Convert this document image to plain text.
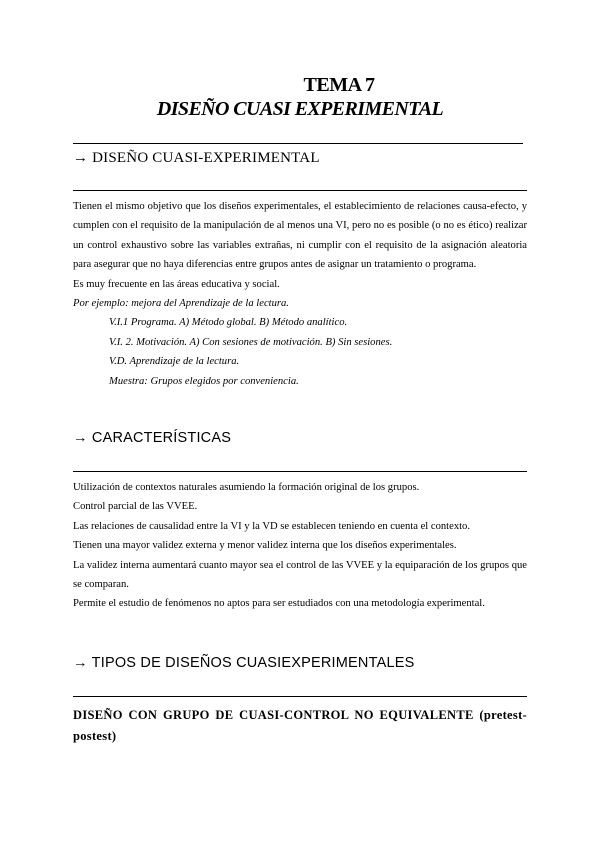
TEMA 7
DISEÑO CUASI EXPERIMENTAL
→ DISEÑO CUASI-EXPERIMENTAL

Tienen el mismo objetivo que los diseños experimentales, el establecimiento de relaciones causa-efecto, y cumplen con el requisito de la manipulación de al menos una VI, pero no es posible (o no es ético) realizar un control exhaustivo sobre las variables extrañas, ni cumplir con el requisito de la asignación aleatoria para asegurar que no haya diferencias entre grupos antes de asignar un tratamiento o programa.

Es muy frecuente en las áreas educativa y social.

Por ejemplo: mejora del Aprendizaje de la lectura.

V.I.1 Programa. A) Método global. B) Método analítico.

V.I. 2. Motivación. A) Con sesiones de motivación. B) Sin sesiones.

V.D. Aprendizaje de la lectura.

Muestra: Grupos elegidos por conveniencia.

→ CARACTERÍSTICAS

Utilización de contextos naturales asumiendo la formación original de los grupos.

Control parcial de las VVEE.

Las relaciones de causalidad entre la VI y la VD se establecen teniendo en cuenta el contexto.

Tienen una mayor validez externa y menor validez interna que los diseños experimentales.

La validez interna aumentará cuanto mayor sea el control de las VVEE y la equiparación de los grupos que se comparan.

Permite el estudio de fenómenos no aptos para ser estudiados con una metodología experimental.

→ TIPOS DE DISEÑOS CUASIEXPERIMENTALES
DISEÑO CON GRUPO DE CUASI-CONTROL NO EQUIVALENTE (pretest-postest)
